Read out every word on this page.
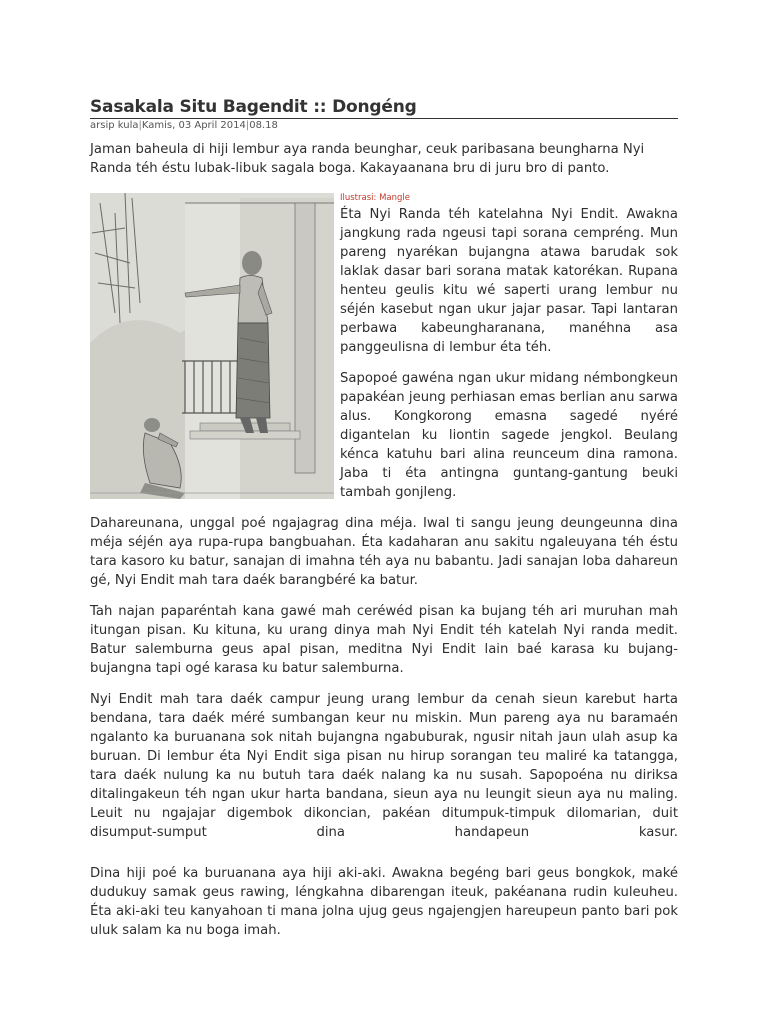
Sasakala Situ Bagendit :: Dongéng
arsip kula|Kamis, 03 April 2014|08.18

Jaman baheula di hiji lembur aya randa beunghar, ceuk paribasana beungharna Nyi Randa téh éstu lubak-libuk sagala boga. Kakayaanana bru di juru bro di panto.

Ilustrasi: Mangle

Éta Nyi Randa téh katelahna Nyi Endit. Awakna jangkung rada ngeusi tapi sorana cempréng. Mun pareng nyarékan bujangna atawa barudak sok laklak dasar bari sorana matak katorékan. Rupana henteu geulis kitu wé saperti urang lembur nu séjén kasebut ngan ukur jajar pasar. Tapi lantaran perbawa kabeungharanana, manéhna asa panggeulisna di lembur éta téh.

Sapopoé gawéna ngan ukur midang némbongkeun papakéan jeung perhiasan emas berlian anu sarwa alus. Kongkorong emasna sagedé nyéré digantelan ku liontin sagede jengkol. Beulang kénca katuhu bari alina reunceum dina ramona. Jaba ti éta antingna guntang-gantung beuki tambah gonjleng.

Dahareunana, unggal poé ngajagrag dina méja. Iwal ti sangu jeung deungeunna dina méja séjén aya rupa-rupa bangbuahan. Éta kadaharan anu sakitu ngaleuyana téh éstu tara kasoro ku batur, sanajan di imahna téh aya nu babantu. Jadi sanajan loba dahareun gé, Nyi Endit mah tara daék barangbéré ka batur.

Tah najan paparéntah kana gawé mah ceréwéd pisan ka bujang téh ari muruhan mah itungan pisan. Ku kituna, ku urang dinya mah Nyi Endit téh katelah Nyi randa medit. Batur salemburna geus apal pisan, meditna Nyi Endit lain baé karasa ku bujang-bujangna tapi ogé karasa ku batur salemburna.

Nyi Endit mah tara daék campur jeung urang lembur da cenah sieun karebut harta bendana, tara daék méré sumbangan keur nu miskin. Mun pareng aya nu baramaén ngalanto ka buruanana sok nitah bujangna ngabuburak, ngusir nitah jaun ulah asup ka buruan. Di lembur éta Nyi Endit siga pisan nu hirup sorangan teu maliré ka tatangga, tara daék nulung ka nu butuh tara daék nalang ka nu susah. Sapopoéna nu diriksa ditalingakeun téh ngan ukur harta bandana, sieun aya nu leungit sieun aya nu maling. Leuit nu ngajajar digembok dikoncian, pakéan ditumpuk-timpuk dilomarian, duit disumput-sumput dina handapeun kasur.

Dina hiji poé ka buruanana aya hiji aki-aki. Awakna begéng bari geus bongkok, maké dudukuy samak geus rawing, léngkahna dibarengan iteuk, pakéanana rudin kuleuheu. Éta aki-aki teu kanyahoan ti mana jolna ujug geus ngajengjen hareupeun panto bari pok uluk salam ka nu boga imah.
